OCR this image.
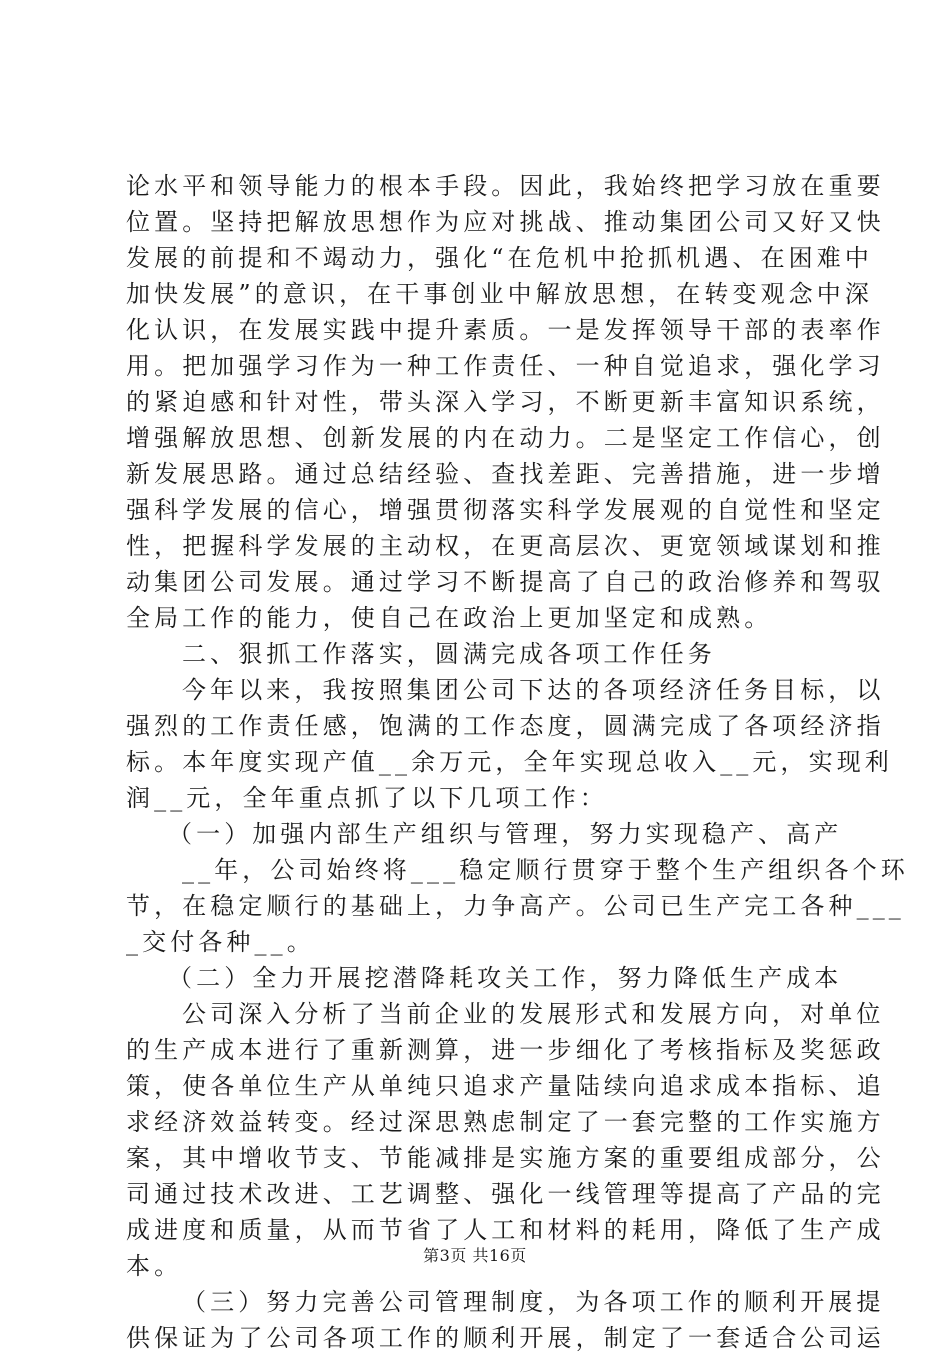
论水平和领导能力的根本手段。因此，我始终把学习放在重要
位置。坚持把解放思想作为应对挑战、推动集团公司又好又快
发展的前提和不竭动力，强化“在危机中抢抓机遇、在困难中
加快发展”的意识，在干事创业中解放思想，在转变观念中深
化认识，在发展实践中提升素质。一是发挥领导干部的表率作
用。把加强学习作为一种工作责任、一种自觉追求，强化学习
的紧迫感和针对性，带头深入学习，不断更新丰富知识系统，
增强解放思想、创新发展的内在动力。二是坚定工作信心，创
新发展思路。通过总结经验、查找差距、完善措施，进一步增
强科学发展的信心，增强贯彻落实科学发展观的自觉性和坚定
性，把握科学发展的主动权，在更高层次、更宽领域谋划和推
动集团公司发展。通过学习不断提高了自己的政治修养和驾驭
全局工作的能力，使自己在政治上更加坚定和成熟。
二、狠抓工作落实，圆满完成各项工作任务
今年以来，我按照集团公司下达的各项经济任务目标，以
强烈的工作责任感，饱满的工作态度，圆满完成了各项经济指
标。本年度实现产值__余万元，全年实现总收入__元，实现利
润__元，全年重点抓了以下几项工作：
（一）加强内部生产组织与管理，努力实现稳产、高产
__年，公司始终将___稳定顺行贯穿于整个生产组织各个环
节，在稳定顺行的基础上，力争高产。公司已生产完工各种___
_交付各种__。
（二）全力开展挖潜降耗攻关工作，努力降低生产成本
公司深入分析了当前企业的发展形式和发展方向，对单位
的生产成本进行了重新测算，进一步细化了考核指标及奖惩政
策，使各单位生产从单纯只追求产量陆续向追求成本指标、追
求经济效益转变。经过深思熟虑制定了一套完整的工作实施方
案，其中增收节支、节能减排是实施方案的重要组成部分，公
司通过技术改进、工艺调整、强化一线管理等提高了产品的完
成进度和质量，从而节省了人工和材料的耗用，降低了生产成
本。
（三）努力完善公司管理制度，为各项工作的顺利开展提
供保证为了公司各项工作的顺利开展，制定了一套适合公司运
第3页 共16页
